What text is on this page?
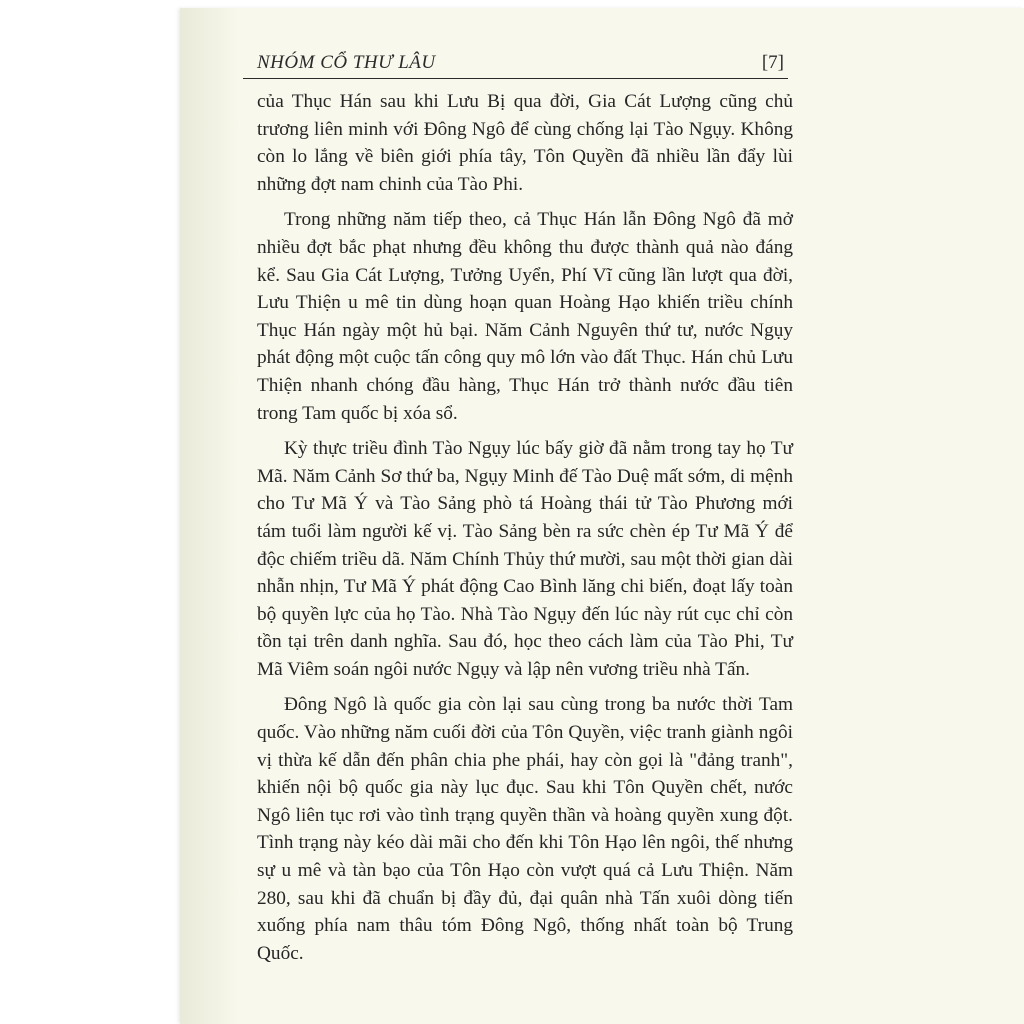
NHÓM CỔ THƯ LÂU	[7]

của Thục Hán sau khi Lưu Bị qua đời, Gia Cát Lượng cũng chủ trương liên minh với Đông Ngô để cùng chống lại Tào Ngụy. Không còn lo lắng về biên giới phía tây, Tôn Quyền đã nhiều lần đẩy lùi những đợt nam chinh của Tào Phi.

Trong những năm tiếp theo, cả Thục Hán lẫn Đông Ngô đã mở nhiều đợt bắc phạt nhưng đều không thu được thành quả nào đáng kể. Sau Gia Cát Lượng, Tưởng Uyển, Phí Vĩ cũng lần lượt qua đời, Lưu Thiện u mê tin dùng hoạn quan Hoàng Hạo khiến triều chính Thục Hán ngày một hủ bại. Năm Cảnh Nguyên thứ tư, nước Ngụy phát động một cuộc tấn công quy mô lớn vào đất Thục. Hán chủ Lưu Thiện nhanh chóng đầu hàng, Thục Hán trở thành nước đầu tiên trong Tam quốc bị xóa sổ.

Kỳ thực triều đình Tào Ngụy lúc bấy giờ đã nằm trong tay họ Tư Mã. Năm Cảnh Sơ thứ ba, Ngụy Minh đế Tào Duệ mất sớm, di mệnh cho Tư Mã Ý và Tào Sảng phò tá Hoàng thái tử Tào Phương mới tám tuổi làm người kế vị. Tào Sảng bèn ra sức chèn ép Tư Mã Ý để độc chiếm triều dã. Năm Chính Thủy thứ mười, sau một thời gian dài nhẫn nhịn, Tư Mã Ý phát động Cao Bình lăng chi biến, đoạt lấy toàn bộ quyền lực của họ Tào. Nhà Tào Ngụy đến lúc này rút cục chỉ còn tồn tại trên danh nghĩa. Sau đó, học theo cách làm của Tào Phi, Tư Mã Viêm soán ngôi nước Ngụy và lập nên vương triều nhà Tấn.

Đông Ngô là quốc gia còn lại sau cùng trong ba nước thời Tam quốc. Vào những năm cuối đời của Tôn Quyền, việc tranh giành ngôi vị thừa kế dẫn đến phân chia phe phái, hay còn gọi là "đảng tranh", khiến nội bộ quốc gia này lục đục. Sau khi Tôn Quyền chết, nước Ngô liên tục rơi vào tình trạng quyền thần và hoàng quyền xung đột. Tình trạng này kéo dài mãi cho đến khi Tôn Hạo lên ngôi, thế nhưng sự u mê và tàn bạo của Tôn Hạo còn vượt quá cả Lưu Thiện. Năm 280, sau khi đã chuẩn bị đầy đủ, đại quân nhà Tấn xuôi dòng tiến xuống phía nam thâu tóm Đông Ngô, thống nhất toàn bộ Trung Quốc.
